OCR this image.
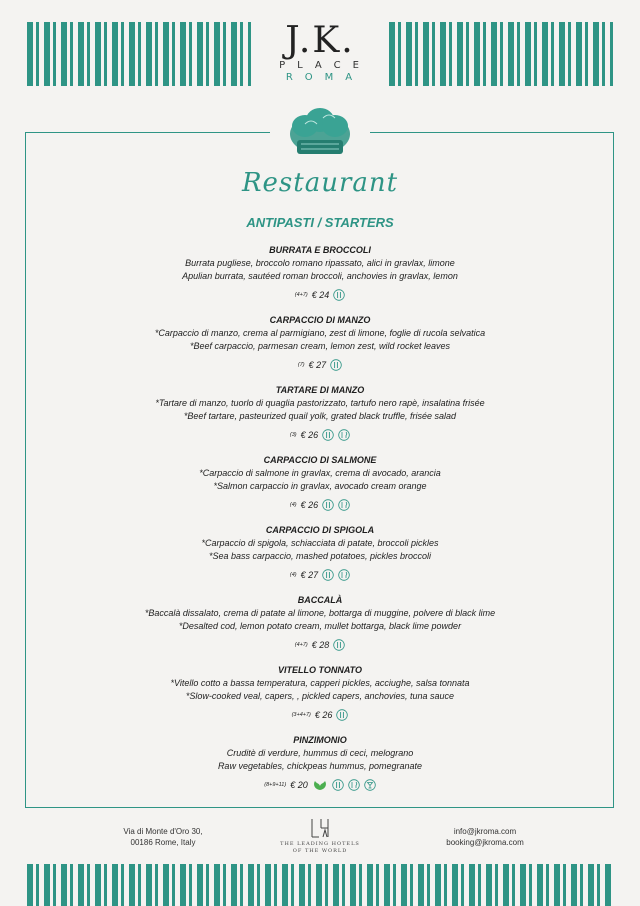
J.K.
PLACE
ROMA
Restaurant
ANTIPASTI / STARTERS
BURRATA E BROCCOLI
Burrata pugliese, broccolo romano ripassato, alici in gravlax, limone
Apulian burrata, sautéed roman broccoli, anchovies in gravlax, lemon
(4+7) € 24
CARPACCIO DI MANZO
*Carpaccio di manzo, crema al parmigiano, zest di limone, foglie di rucola selvatica
*Beef carpaccio, parmesan cream, lemon zest, wild rocket leaves
(7) € 27
TARTARE DI MANZO
*Tartare di manzo, tuorlo di quaglia pastorizzato, tartufo nero rapè, insalatina frisée
*Beef tartare, pasteurized quail yolk, grated black truffle, frisée salad
(3) € 26
CARPACCIO DI SALMONE
*Carpaccio di salmone in gravlax, crema di avocado, arancia
*Salmon carpaccio in gravlax, avocado cream orange
(4) € 26
CARPACCIO DI SPIGOLA
*Carpaccio di spigola, schiacciata di patate, broccoli pickles
*Sea bass carpaccio, mashed potatoes, pickles broccoli
(4) € 27
BACCALÀ
*Baccalà dissalato, crema di patate al limone, bottarga di muggine, polvere di black lime
*Desalted cod, lemon potato cream, mullet bottarga, black lime powder
(4+7) € 28
VITELLO TONNATO
*Vitello cotto a bassa temperatura, capperi pickles, acciughe, salsa tonnata
*Slow-cooked veal, capers, , pickled capers, anchovies, tuna sauce
(3+4+7) € 26
PINZIMONIO
Cruditè di verdure, hummus di ceci, melograno
Raw vegetables, chickpeas hummus, pomegranate
(8+9+11) € 20
Via di Monte d'Oro 30,
00186 Rome, Italy	THE LEADING HOTELS
OF THE WORLD
info@jkroma.com
booking@jkroma.com
